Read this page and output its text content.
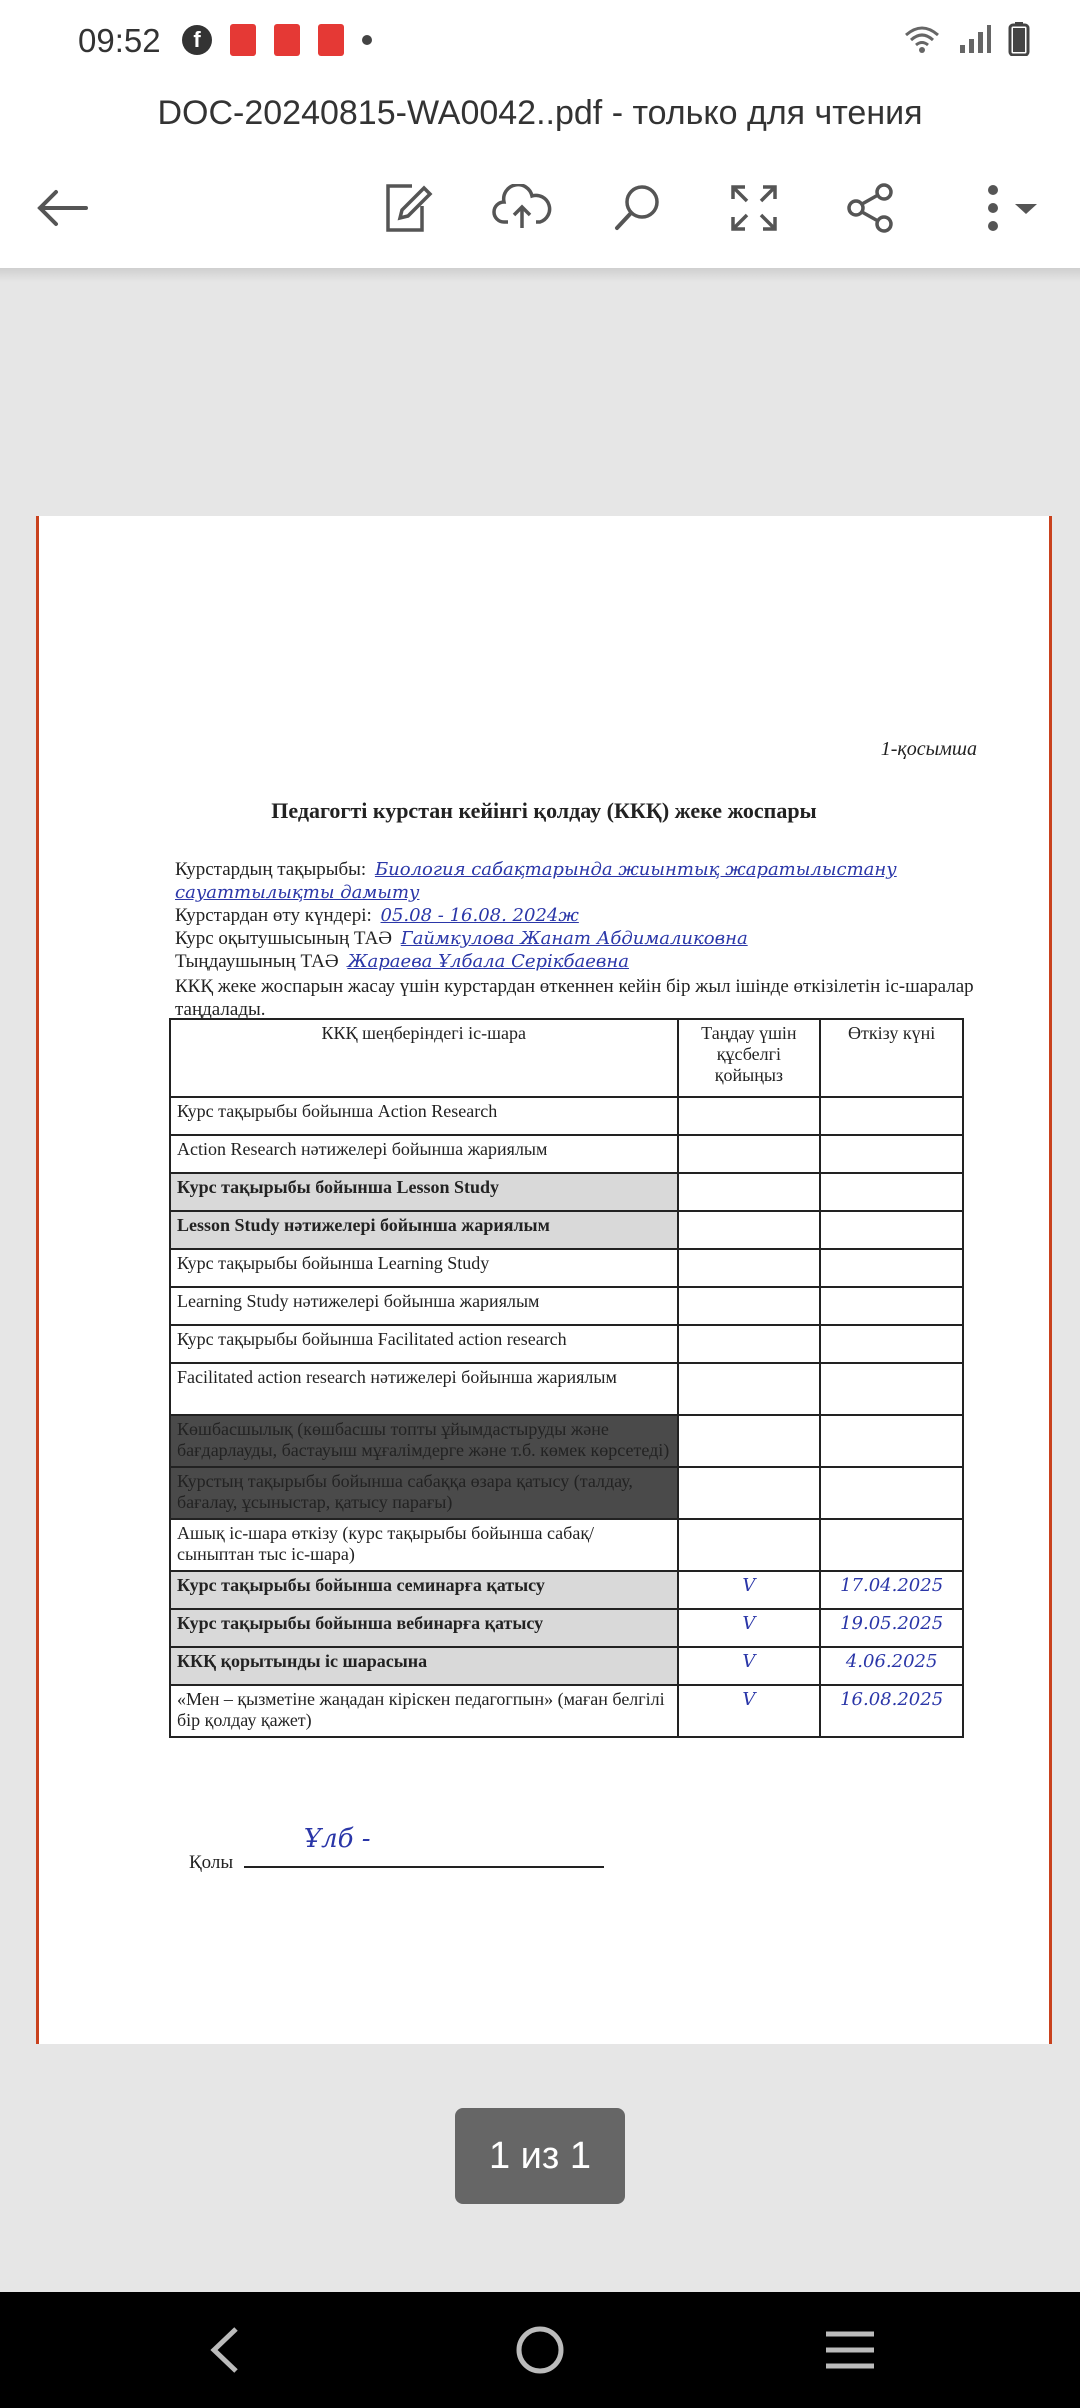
09:52	f
DOC-20240815-WA0042..pdf - только для чтения
1-қосымша
Педагогті курстан кейінгі қолдау (ККҚ) жеке жоспары
Курстардың тақырыбы: Биология сабақтарында жиынтық жаратылыстану сауаттылықты дамыту
Курстардан өту күндері: 05.08 - 16.08. 2024ж
Курс оқытушысының ТАӘ Гаймкулова Жанат Абдималиковна
Тыңдаушының ТАӘ Жараева Ұлбала Серікбаевна
ККҚ жеке жоспарын жасау үшін курстардан өткеннен кейін бір жыл ішінде өткізілетін іс-шаралар таңдалады.
ККҚ шеңберіндегі іс-шара	Таңдау үшін құсбелгі қойыңыз	Өткізу күні
Курс тақырыбы бойынша Action Research		
Action Research нәтижелері бойынша жариялым		
Курс тақырыбы бойынша Lesson Study		
Lesson Study нәтижелері бойынша жариялым		
Курс тақырыбы бойынша Learning Study		
Learning Study нәтижелері бойынша жариялым		
Курс тақырыбы бойынша Facilitated action research		
Facilitated action research нәтижелері бойынша жариялым		
Көшбасшылық (көшбасшы топты ұйымдастыруды және бағдарлауды, бастауыш мұғалімдерге және т.б. көмек көрсетеді)		
Курстың тақырыбы бойынша сабаққа өзара қатысу (талдау, бағалау, ұсыныстар, қатысу парағы)		
Ашық іс-шара өткізу (курс тақырыбы бойынша сабақ/сыныптан тыс іс-шара)		
Курс тақырыбы бойынша семинарға қатысу	V	17.04.2025
Курс тақырыбы бойынша вебинарға қатысу	V	19.05.2025
ККҚ қорытынды іс шарасына	V	4.06.2025
«Мен – қызметіне жаңадан кіріскен педагогпын» (маған белгілі бір қолдау қажет)	V	16.08.2025
Қолы
Ұлб -
1 из 1
